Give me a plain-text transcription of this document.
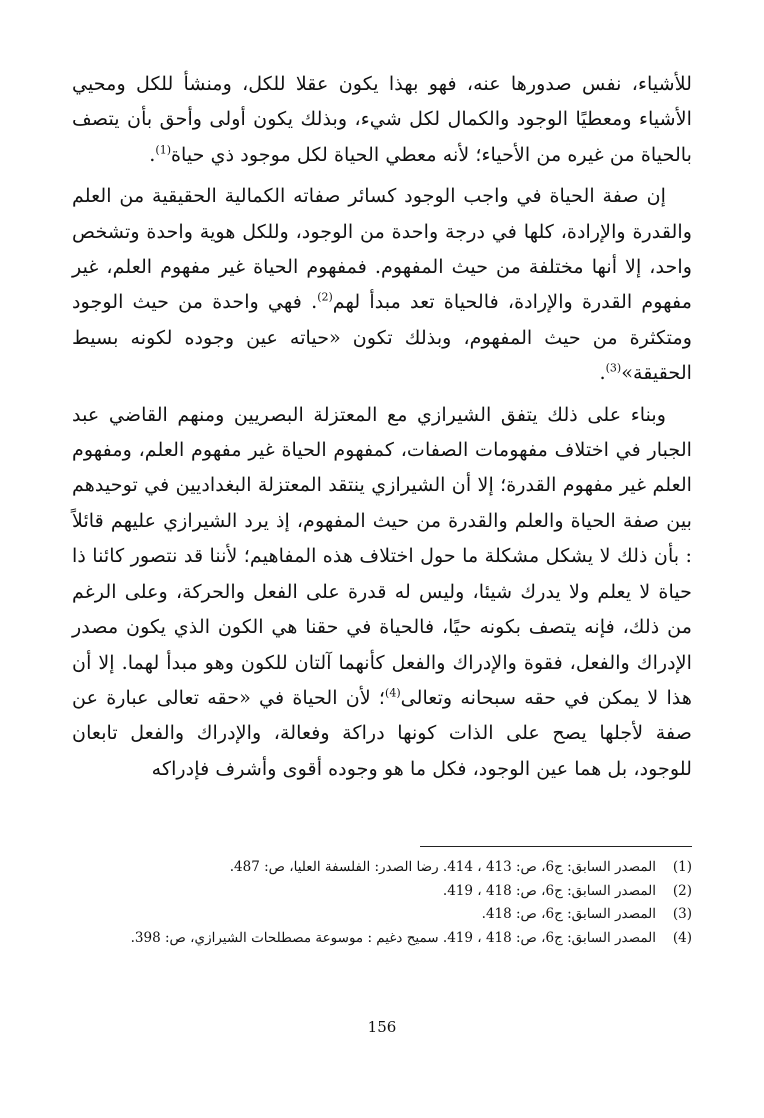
للأشياء، نفس صدورها عنه، فهو بهذا يكون عقلا للكل، ومنشأ للكل ومحيي الأشياء ومعطيًا الوجود والكمال لكل شيء، وبذلك يكون أولى وأحق بأن يتصف بالحياة من غيره من الأحياء؛ لأنه معطي الحياة لكل موجود ذي حياة$^{(1)}$.

إن صفة الحياة في واجب الوجود كسائر صفاته الكمالية الحقيقية من العلم والقدرة والإرادة، كلها في درجة واحدة من الوجود، وللكل هوية واحدة وتشخص واحد، إلا أنها مختلفة من حيث المفهوم. فمفهوم الحياة غير مفهوم العلم، غير مفهوم القدرة والإرادة، فالحياة تعد مبدأ لهم$^{(2)}$. فهي واحدة من حيث الوجود ومتكثرة من حيث المفهوم، وبذلك تكون «حياته عين وجوده لكونه بسيط الحقيقة»$^{(3)}$.

وبناء على ذلك يتفق الشيرازي مع المعتزلة البصريين ومنهم القاضي عبد الجبار في اختلاف مفهومات الصفات، كمفهوم الحياة غير مفهوم العلم، ومفهوم العلم غير مفهوم القدرة؛ إلا أن الشيرازي ينتقد المعتزلة البغداديين في توحيدهم بين صفة الحياة والعلم والقدرة من حيث المفهوم، إذ يرد الشيرازي عليهم قائلاً : بأن ذلك لا يشكل مشكلة ما حول اختلاف هذه المفاهيم؛ لأننا قد نتصور كائنا ذا حياة لا يعلم ولا يدرك شيئا، وليس له قدرة على الفعل والحركة، وعلى الرغم من ذلك، فإنه يتصف بكونه حيًا، فالحياة في حقنا هي الكون الذي يكون مصدر الإدراك والفعل، فقوة والإدراك والفعل كأنهما آلتان للكون وهو مبدأ لهما. إلا أن هذا لا يمكن في حقه سبحانه وتعالى$^{(4)}$؛ لأن الحياة في «حقه تعالى عبارة عن صفة لأجلها يصح على الذات كونها دراكة وفعالة، والإدراك والفعل تابعان للوجود، بل هما عين الوجود، فكل ما هو وجوده أقوى وأشرف فإدراكه

(1)
المصدر السابق: ج6، ص: 413 ، 414. رضا الصدر: الفلسفة العليا، ص: 487.
(2)
المصدر السابق: ج6، ص: 418 ، 419.
(3)
المصدر السابق: ج6، ص: 418.
(4)
المصدر السابق: ج6، ص: 418 ، 419. سميح دغيم : موسوعة مصطلحات الشيرازي، ص: 398.
156
